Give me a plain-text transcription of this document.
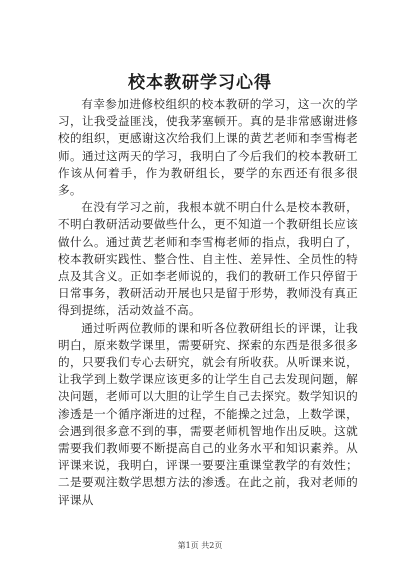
校本教研学习心得

有幸参加进修校组织的校本教研的学习，这一次的学习，让我受益匪浅，使我茅塞顿开。真的是非常感谢进修校的组织，更感谢这次给我们上课的黄艺老师和李雪梅老师。通过这两天的学习，我明白了今后我们的校本教研工作该从何着手，作为教研组长，要学的东西还有很多很多。

在没有学习之前，我根本就不明白什么是校本教研，不明白教研活动要做些什么，更不知道一个教研组长应该做什么。通过黄艺老师和李雪梅老师的指点，我明白了，校本教研实践性、整合性、自主性、差异性、全员性的特点及其含义。正如李老师说的，我们的教研工作只停留于日常事务，教研活动开展也只是留于形势，教师没有真正得到提练，活动效益不高。

通过听两位教师的课和听各位教研组长的评课，让我明白，原来数学课里，需要研究、探索的东西是很多很多的，只要我们专心去研究，就会有所收获。从听课来说，让我学到上数学课应该更多的让学生自己去发现问题，解决问题，老师可以大胆的让学生自己去探究。数学知识的渗透是一个循序渐进的过程，不能操之过急，上数学课，会遇到很多意不到的事，需要老师机智地作出反映。这就需要我们教师要不断提高自己的业务水平和知识素养。从评课来说，我明白，评课一要要注重课堂教学的有效性；二是要观注数学思想方法的渗透。在此之前，我对老师的评课从

第1页 共2页
